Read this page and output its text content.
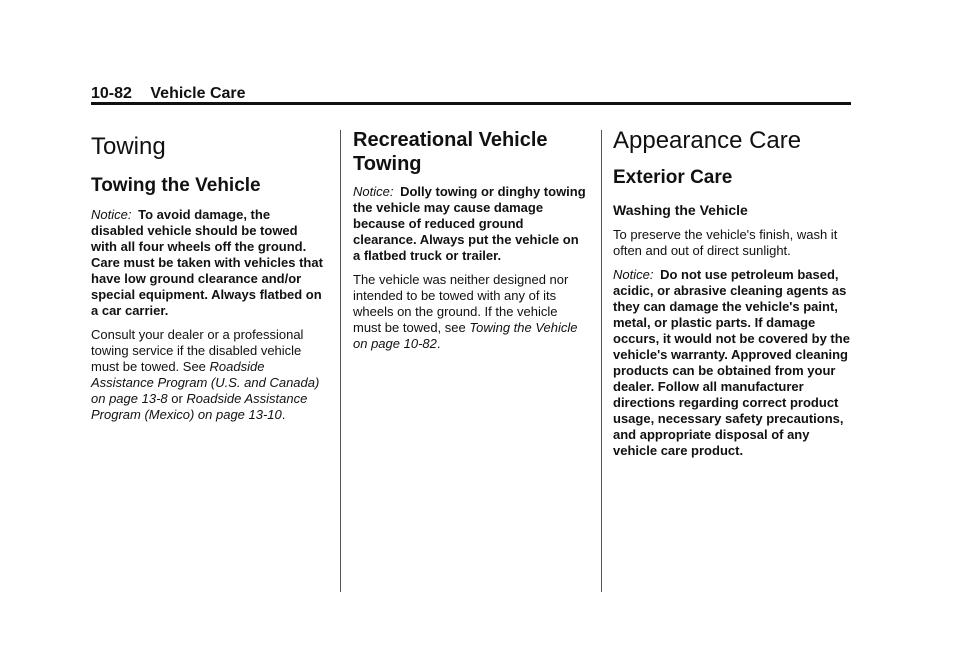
10-82 Vehicle Care
Towing
Towing the Vehicle

Notice: To avoid damage, the disabled vehicle should be towed with all four wheels off the ground. Care must be taken with vehicles that have low ground clearance and/or special equipment. Always flatbed on a car carrier.

Consult your dealer or a professional towing service if the disabled vehicle must be towed. See Roadside Assistance Program (U.S. and Canada) on page 13-8 or Roadside Assistance Program (Mexico) on page 13-10.

Recreational Vehicle Towing

Notice: Dolly towing or dinghy towing the vehicle may cause damage because of reduced ground clearance. Always put the vehicle on a flatbed truck or trailer.

The vehicle was neither designed nor intended to be towed with any of its wheels on the ground. If the vehicle must be towed, see Towing the Vehicle on page 10-82.

Appearance Care
Exterior Care
Washing the Vehicle

To preserve the vehicle's finish, wash it often and out of direct sunlight.

Notice: Do not use petroleum based, acidic, or abrasive cleaning agents as they can damage the vehicle's paint, metal, or plastic parts. If damage occurs, it would not be covered by the vehicle's warranty. Approved cleaning products can be obtained from your dealer. Follow all manufacturer directions regarding correct product usage, necessary safety precautions, and appropriate disposal of any vehicle care product.
